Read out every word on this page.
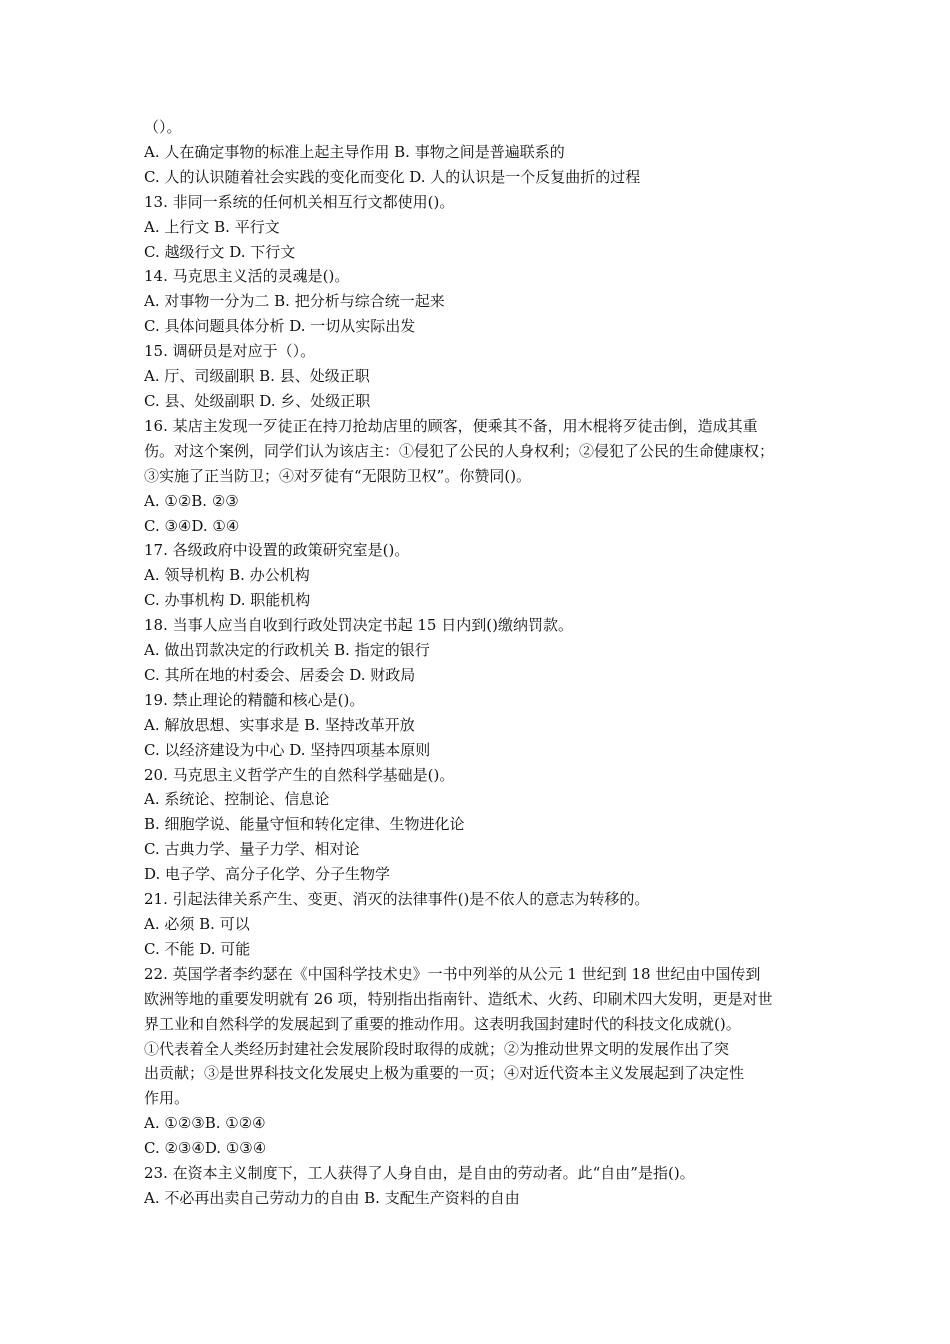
（）。
A. 人在确定事物的标准上起主导作用 B. 事物之间是普遍联系的
C. 人的认识随着社会实践的变化而变化 D. 人的认识是一个反复曲折的过程
13. 非同一系统的任何机关相互行文都使用()。
A. 上行文 B. 平行文
C. 越级行文 D. 下行文
14. 马克思主义活的灵魂是()。
A. 对事物一分为二 B. 把分析与综合统一起来
C. 具体问题具体分析 D. 一切从实际出发
15. 调研员是对应于（）。
A. 厅、司级副职 B. 县、处级正职
C. 县、处级副职 D. 乡、处级正职
16. 某店主发现一歹徒正在持刀抢劫店里的顾客，便乘其不备，用木棍将歹徒击倒，造成其重
伤。对这个案例，同学们认为该店主：①侵犯了公民的人身权利；②侵犯了公民的生命健康权；
③实施了正当防卫；④对歹徒有“无限防卫权”。你赞同()。
A. ①②B. ②③
C. ③④D. ①④
17. 各级政府中设置的政策研究室是()。
A. 领导机构 B. 办公机构
C. 办事机构 D. 职能机构
18. 当事人应当自收到行政处罚决定书起 15 日内到()缴纳罚款。
A. 做出罚款决定的行政机关 B. 指定的银行
C. 其所在地的村委会、居委会 D. 财政局
19. 禁止理论的精髓和核心是()。
A. 解放思想、实事求是 B. 坚持改革开放
C. 以经济建设为中心 D. 坚持四项基本原则
20. 马克思主义哲学产生的自然科学基础是()。
A. 系统论、控制论、信息论
B. 细胞学说、能量守恒和转化定律、生物进化论
C. 古典力学、量子力学、相对论
D. 电子学、高分子化学、分子生物学
21. 引起法律关系产生、变更、消灭的法律事件()是不依人的意志为转移的。
A. 必须 B. 可以
C. 不能 D. 可能
22. 英国学者李约瑟在《中国科学技术史》一书中列举的从公元 1 世纪到 18 世纪由中国传到
欧洲等地的重要发明就有 26 项，特别指出指南针、造纸术、火药、印刷术四大发明，更是对世
界工业和自然科学的发展起到了重要的推动作用。这表明我国封建时代的科技文化成就()。
①代表着全人类经历封建社会发展阶段时取得的成就；②为推动世界文明的发展作出了突
出贡献；③是世界科技文化发展史上极为重要的一页；④对近代资本主义发展起到了决定性
作用。
A. ①②③B. ①②④
C. ②③④D. ①③④
23. 在资本主义制度下，工人获得了人身自由，是自由的劳动者。此“自由”是指()。
A. 不必再出卖自己劳动力的自由 B. 支配生产资料的自由
